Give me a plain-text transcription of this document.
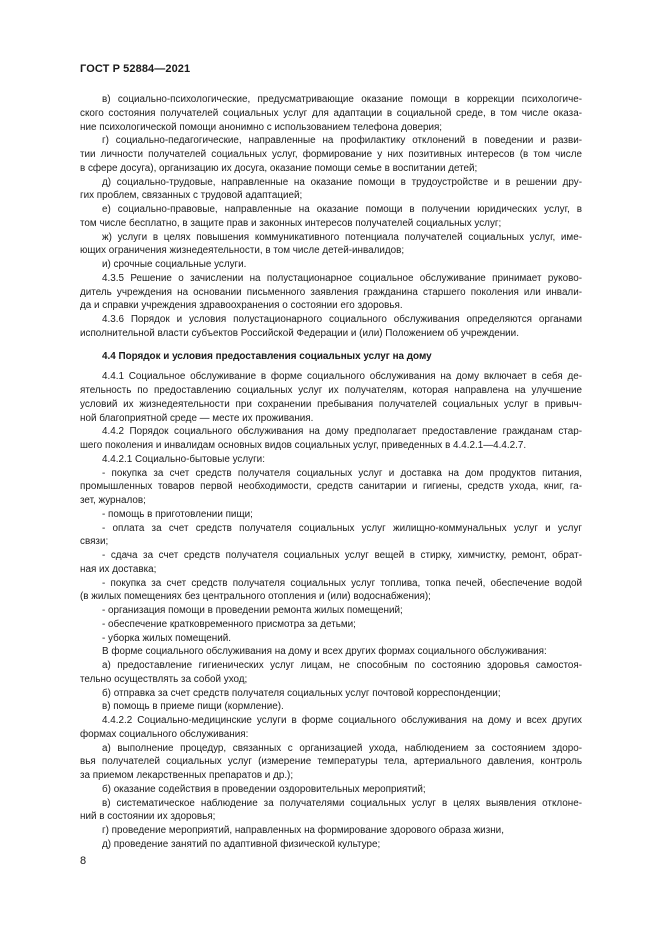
ГОСТ Р 52884—2021
в) социально-психологические, предусматривающие оказание помощи в коррекции психологиче-
ского состояния получателей социальных услуг для адаптации в социальной среде, в том числе оказа-
ние психологической помощи анонимно с использованием телефона доверия;
г) социально-педагогические, направленные на профилактику отклонений в поведении и разви-
тии личности получателей социальных услуг, формирование у них позитивных интересов (в том числе
в сфере досуга), организацию их досуга, оказание помощи семье в воспитании детей;
д) социально-трудовые, направленные на оказание помощи в трудоустройстве и в решении дру-
гих проблем, связанных с трудовой адаптацией;
е) социально-правовые, направленные на оказание помощи в получении юридических услуг, в
том числе бесплатно, в защите прав и законных интересов получателей социальных услуг;
ж) услуги в целях повышения коммуникативного потенциала получателей социальных услуг, име-
ющих ограничения жизнедеятельности, в том числе детей-инвалидов;
и) срочные социальные услуги.
4.3.5 Решение о зачислении на полустационарное социальное обслуживание принимает руково-
дитель учреждения на основании письменного заявления гражданина старшего поколения или инвали-
да и справки учреждения здравоохранения о состоянии его здоровья.
4.3.6 Порядок и условия полустационарного социального обслуживания определяются органами
исполнительной власти субъектов Российской Федерации и (или) Положением об учреждении.
4.4 Порядок и условия предоставления социальных услуг на дому
4.4.1 Социальное обслуживание в форме социального обслуживания на дому включает в себя де-
ятельность по предоставлению социальных услуг их получателям, которая направлена на улучшение
условий их жизнедеятельности при сохранении пребывания получателей социальных услуг в привыч-
ной благоприятной среде — месте их проживания.
4.4.2 Порядок социального обслуживания на дому предполагает предоставление гражданам стар-
шего поколения и инвалидам основных видов социальных услуг, приведенных в 4.4.2.1—4.4.2.7.
4.4.2.1 Социально-бытовые услуги:
- покупка за счет средств получателя социальных услуг и доставка на дом продуктов питания,
промышленных товаров первой необходимости, средств санитарии и гигиены, средств ухода, книг, га-
зет, журналов;
- помощь в приготовлении пищи;
- оплата за счет средств получателя социальных услуг жилищно-коммунальных услуг и услуг
связи;
- сдача за счет средств получателя социальных услуг вещей в стирку, химчистку, ремонт, обрат-
ная их доставка;
- покупка за счет средств получателя социальных услуг топлива, топка печей, обеспечение водой
(в жилых помещениях без центрального отопления и (или) водоснабжения);
- организация помощи в проведении ремонта жилых помещений;
- обеспечение кратковременного присмотра за детьми;
- уборка жилых помещений.
В форме социального обслуживания на дому и всех других формах социального обслуживания:
а) предоставление гигиенических услуг лицам, не способным по состоянию здоровья самостоя-
тельно осуществлять за собой уход;
б) отправка за счет средств получателя социальных услуг почтовой корреспонденции;
в) помощь в приеме пищи (кормление).
4.4.2.2 Социально-медицинские услуги в форме социального обслуживания на дому и всех других
формах социального обслуживания:
а) выполнение процедур, связанных с организацией ухода, наблюдением за состоянием здоро-
вья получателей социальных услуг (измерение температуры тела, артериального давления, контроль
за приемом лекарственных препаратов и др.);
б) оказание содействия в проведении оздоровительных мероприятий;
в) систематическое наблюдение за получателями социальных услуг в целях выявления отклоне-
ний в состоянии их здоровья;
г) проведение мероприятий, направленных на формирование здорового образа жизни,
д) проведение занятий по адаптивной физической культуре;
8
